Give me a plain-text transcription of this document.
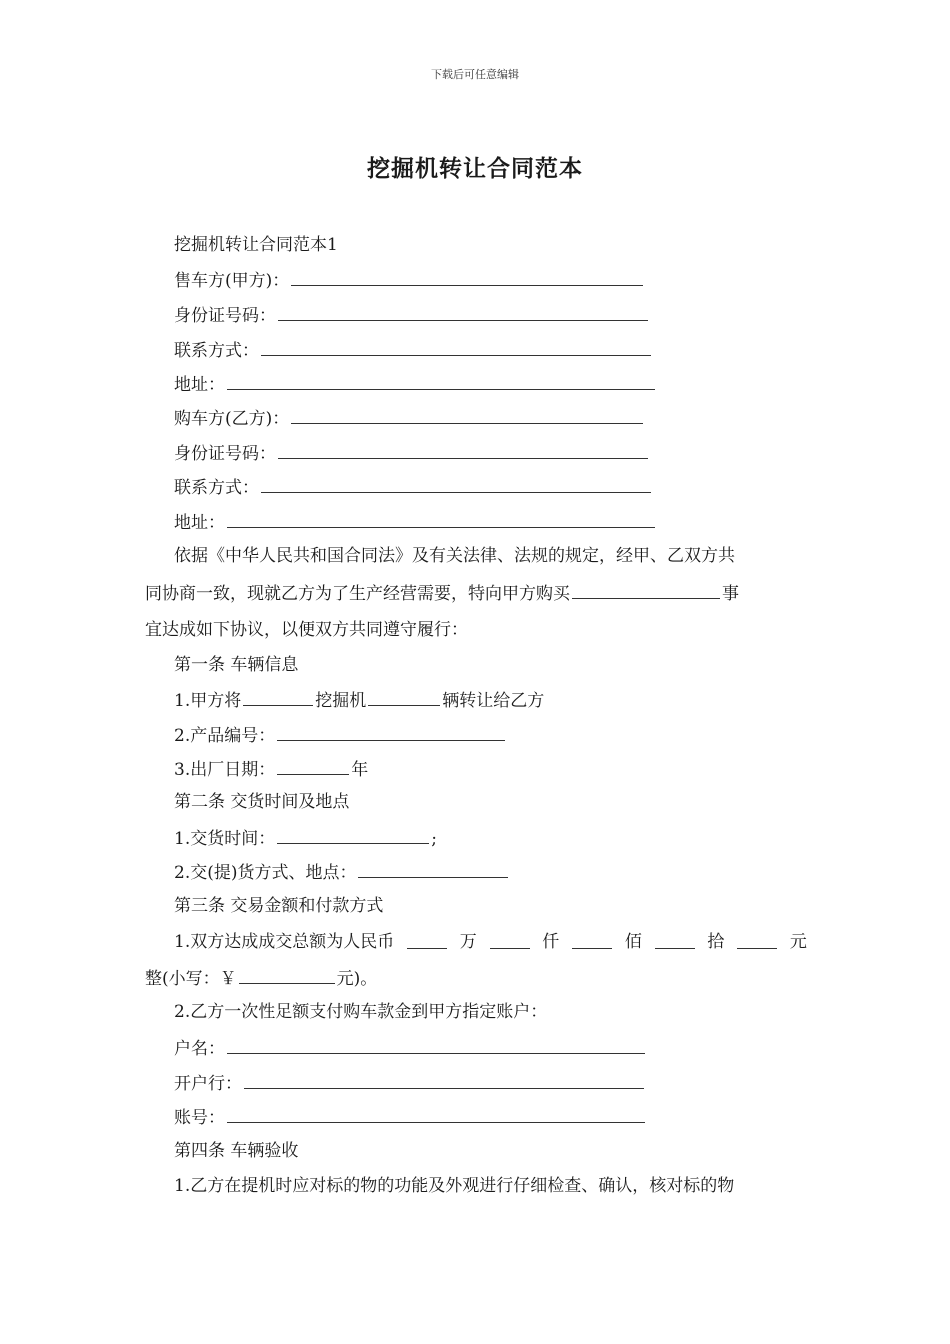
下载后可任意编辑
挖掘机转让合同范本
挖掘机转让合同范本1
售车方(甲方)：
身份证号码：
联系方式：
地址：
购车方(乙方)：
身份证号码：
联系方式：
地址：
依据《中华人民共和国合同法》及有关法律、法规的规定，经甲、乙双方共
同协商一致，现就乙方为了生产经营需要，特向甲方购买	事
宜达成如下协议，以便双方共同遵守履行：
第一条 车辆信息
1.甲方将	挖掘机	辆转让给乙方
2.产品编号：
3.出厂日期：	年
第二条 交货时间及地点
1.交货时间：	;
2.交(提)货方式、地点：
第三条 交易金额和付款方式
1.双方达成成交总额为人民币	万	仟	佰	拾	元
整(小写：￥	元)。
2.乙方一次性足额支付购车款金到甲方指定账户：
户名：
开户行：
账号：
第四条 车辆验收
1.乙方在提机时应对标的物的功能及外观进行仔细检查、确认，核对标的物
